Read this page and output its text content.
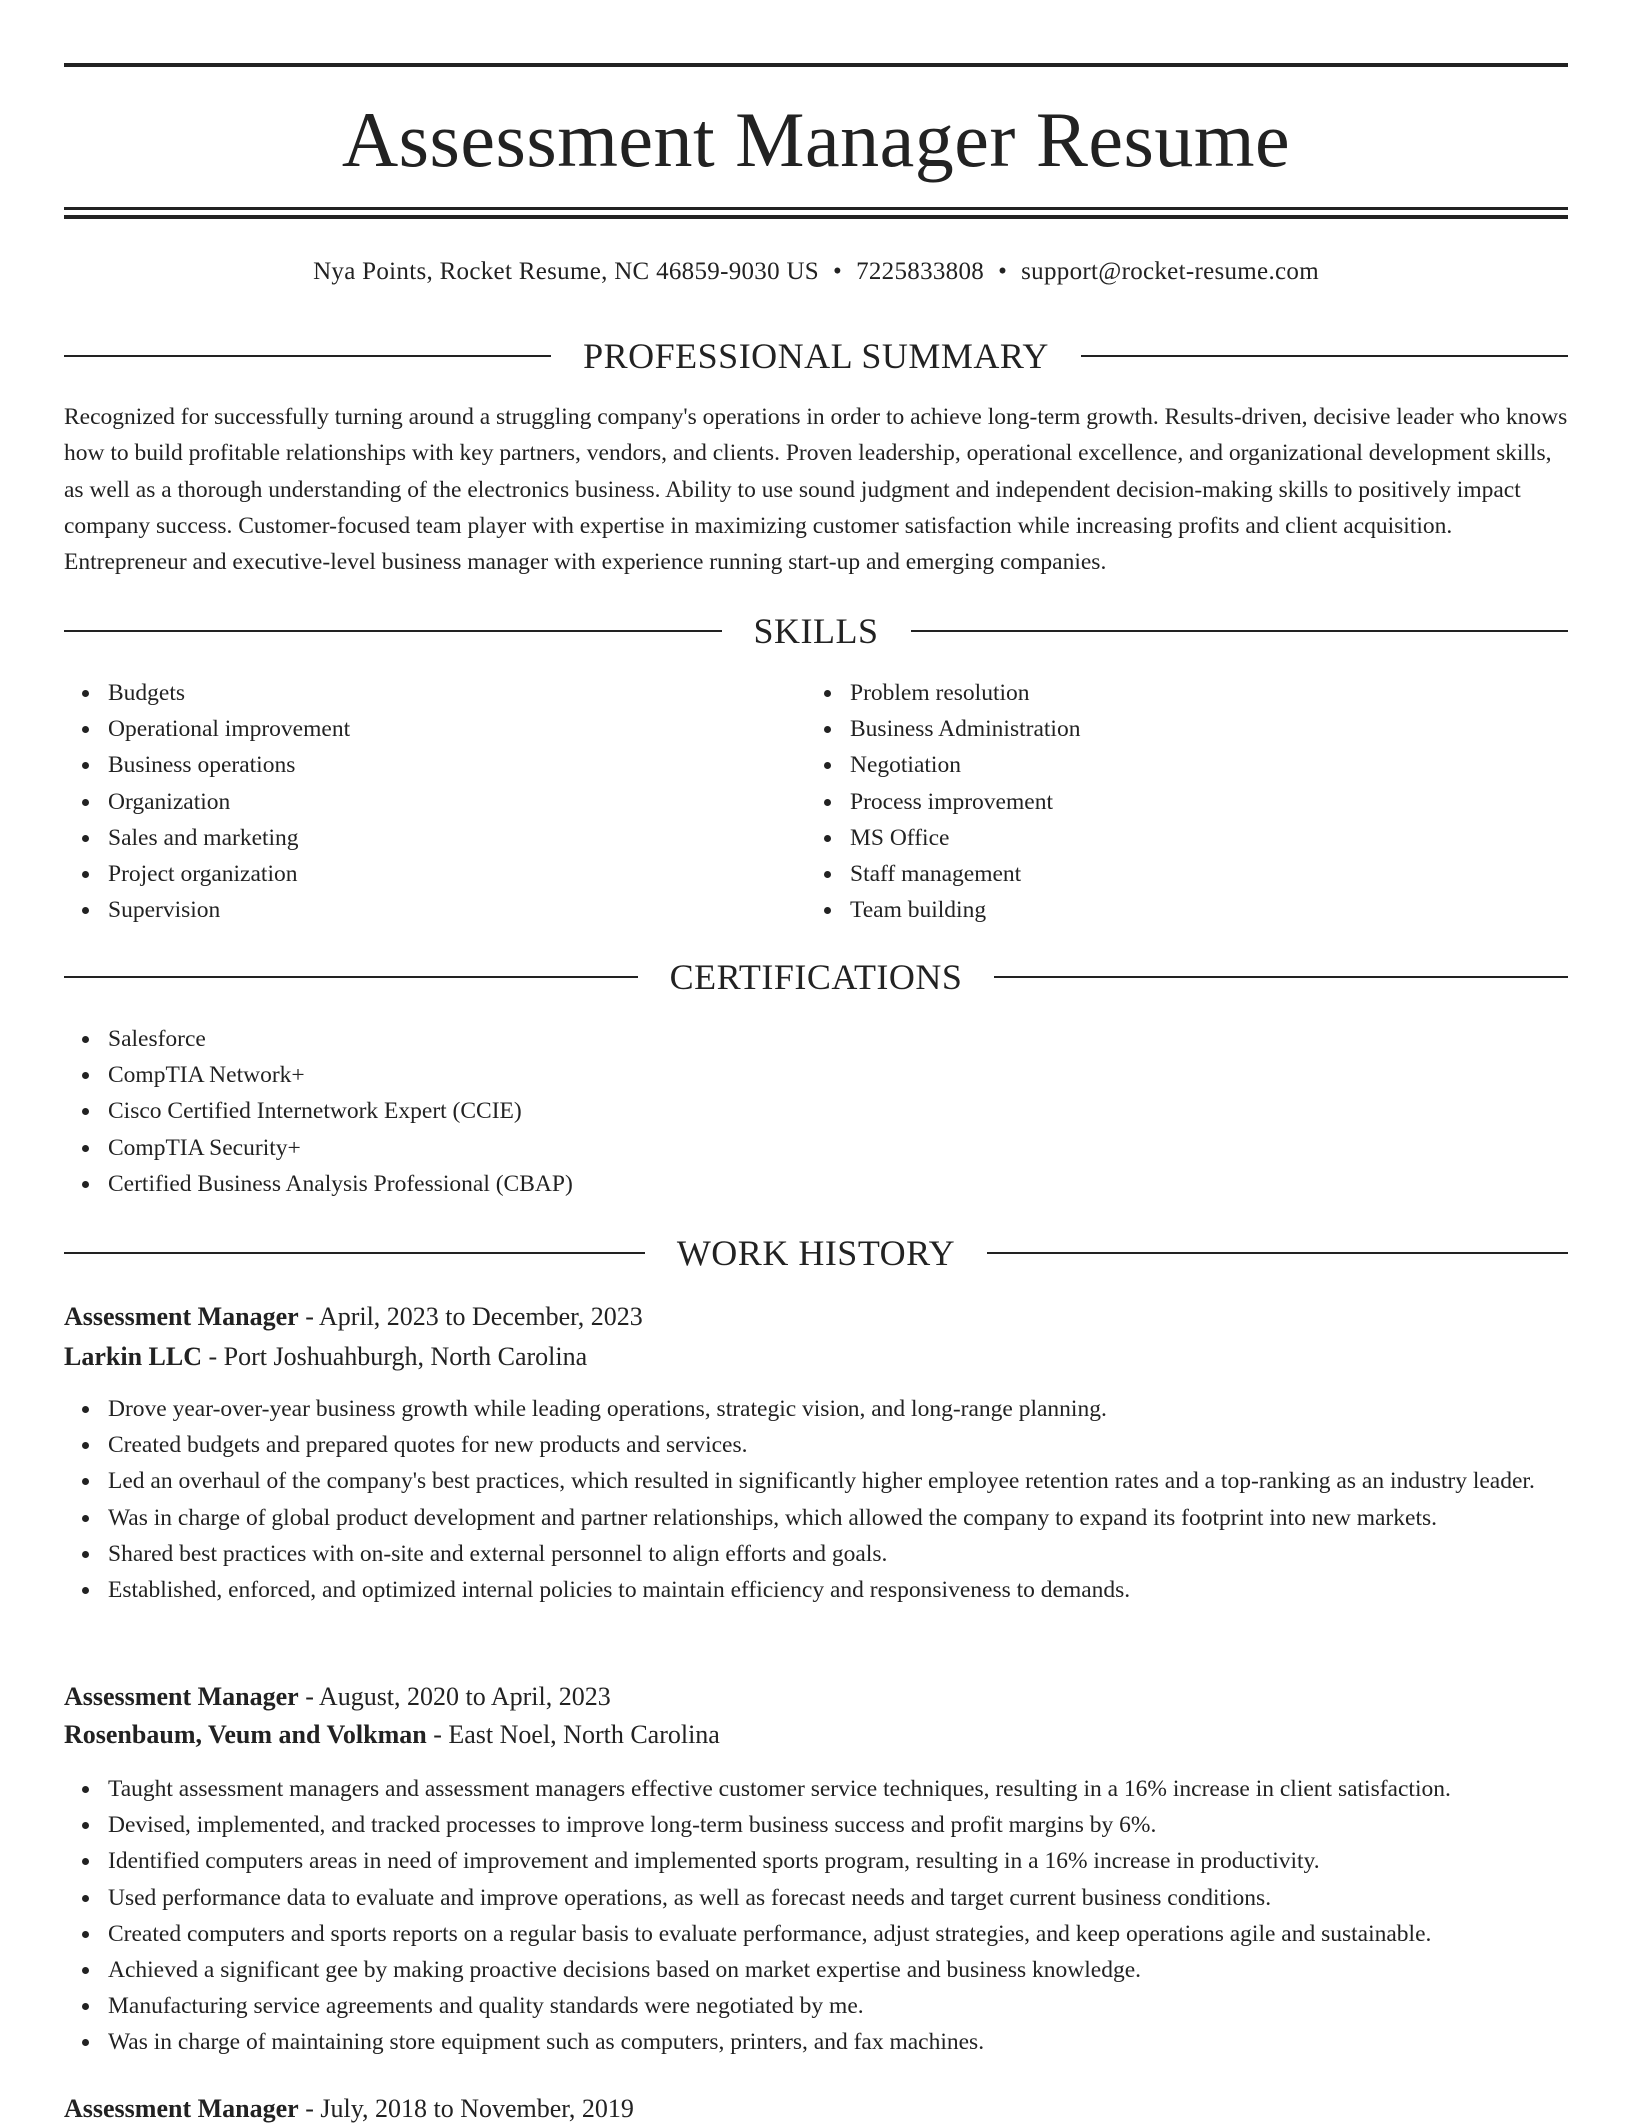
Assessment Manager Resume
Nya Points, Rocket Resume, NC 46859-9030 US • 7225833808 • support@rocket-resume.com
PROFESSIONAL SUMMARY

Recognized for successfully turning around a struggling company's operations in order to achieve long-term growth. Results-driven, decisive leader who knows how to build profitable relationships with key partners, vendors, and clients. Proven leadership, operational excellence, and organizational development skills, as well as a thorough understanding of the electronics business. Ability to use sound judgment and independent decision-making skills to positively impact company success. Customer-focused team player with expertise in maximizing customer satisfaction while increasing profits and client acquisition. Entrepreneur and executive-level business manager with experience running start-up and emerging companies.

SKILLS
Budgets
Operational improvement
Business operations
Organization
Sales and marketing
Project organization
Supervision
Problem resolution
Business Administration
Negotiation
Process improvement
MS Office
Staff management
Team building
CERTIFICATIONS
Salesforce
CompTIA Network+
Cisco Certified Internetwork Expert (CCIE)
CompTIA Security+
Certified Business Analysis Professional (CBAP)
WORK HISTORY

Assessment Manager - April, 2023 to December, 2023

Larkin LLC - Port Joshuahburgh, North Carolina

Drove year-over-year business growth while leading operations, strategic vision, and long-range planning.
Created budgets and prepared quotes for new products and services.
Led an overhaul of the company's best practices, which resulted in significantly higher employee retention rates and a top-ranking as an industry leader.
Was in charge of global product development and partner relationships, which allowed the company to expand its footprint into new markets.
Shared best practices with on-site and external personnel to align efforts and goals.
Established, enforced, and optimized internal policies to maintain efficiency and responsiveness to demands.

Assessment Manager - August, 2020 to April, 2023

Rosenbaum, Veum and Volkman - East Noel, North Carolina

Taught assessment managers and assessment managers effective customer service techniques, resulting in a 16% increase in client satisfaction.
Devised, implemented, and tracked processes to improve long-term business success and profit margins by 6%.
Identified computers areas in need of improvement and implemented sports program, resulting in a 16% increase in productivity.
Used performance data to evaluate and improve operations, as well as forecast needs and target current business conditions.
Created computers and sports reports on a regular basis to evaluate performance, adjust strategies, and keep operations agile and sustainable.
Achieved a significant gee by making proactive decisions based on market expertise and business knowledge.
Manufacturing service agreements and quality standards were negotiated by me.
Was in charge of maintaining store equipment such as computers, printers, and fax machines.

Assessment Manager - July, 2018 to November, 2019
